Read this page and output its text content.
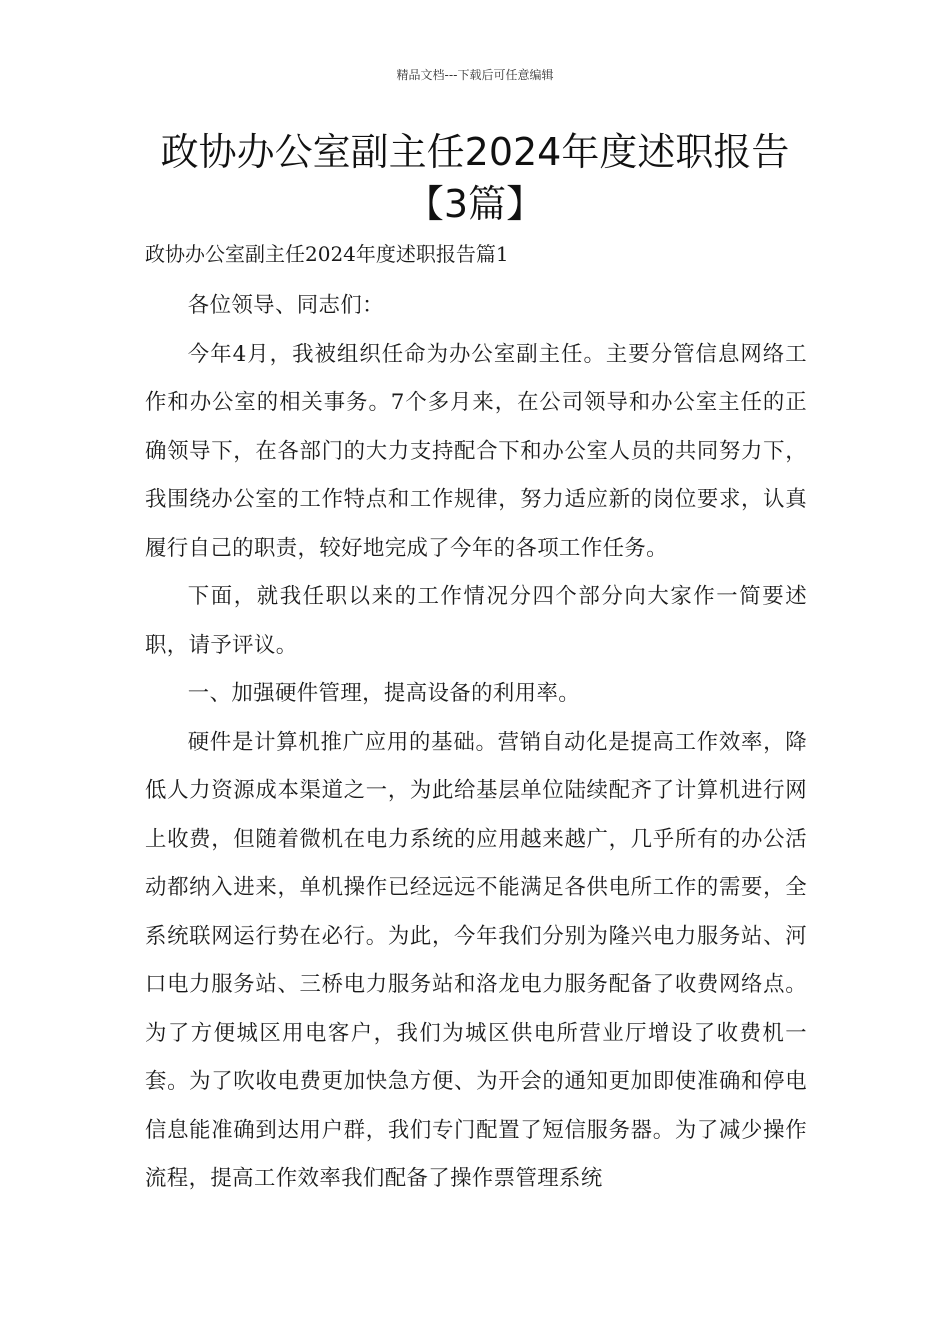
精品文档---下载后可任意编辑
政协办公室副主任2024年度述职报告
【3篇】
政协办公室副主任2024年度述职报告篇1

各位领导、同志们：

今年4月，我被组织任命为办公室副主任。主要分管信息网络工作和办公室的相关事务。7个多月来，在公司领导和办公室主任的正确领导下，在各部门的大力支持配合下和办公室人员的共同努力下，我围绕办公室的工作特点和工作规律，努力适应新的岗位要求，认真履行自己的职责，较好地完成了今年的各项工作任务。

下面，就我任职以来的工作情况分四个部分向大家作一简要述职，请予评议。

一、加强硬件管理，提高设备的利用率。

硬件是计算机推广应用的基础。营销自动化是提高工作效率，降低人力资源成本渠道之一，为此给基层单位陆续配齐了计算机进行网上收费，但随着微机在电力系统的应用越来越广，几乎所有的办公活动都纳入进来，单机操作已经远远不能满足各供电所工作的需要，全系统联网运行势在必行。为此，今年我们分别为隆兴电力服务站、河口电力服务站、三桥电力服务站和洛龙电力服务配备了收费网络点。为了方便城区用电客户，我们为城区供电所营业厅增设了收费机一套。为了吹收电费更加快急方便、为开会的通知更加即使准确和停电信息能准确到达用户群，我们专门配置了短信服务器。为了减少操作流程，提高工作效率我们配备了操作票管理系统
